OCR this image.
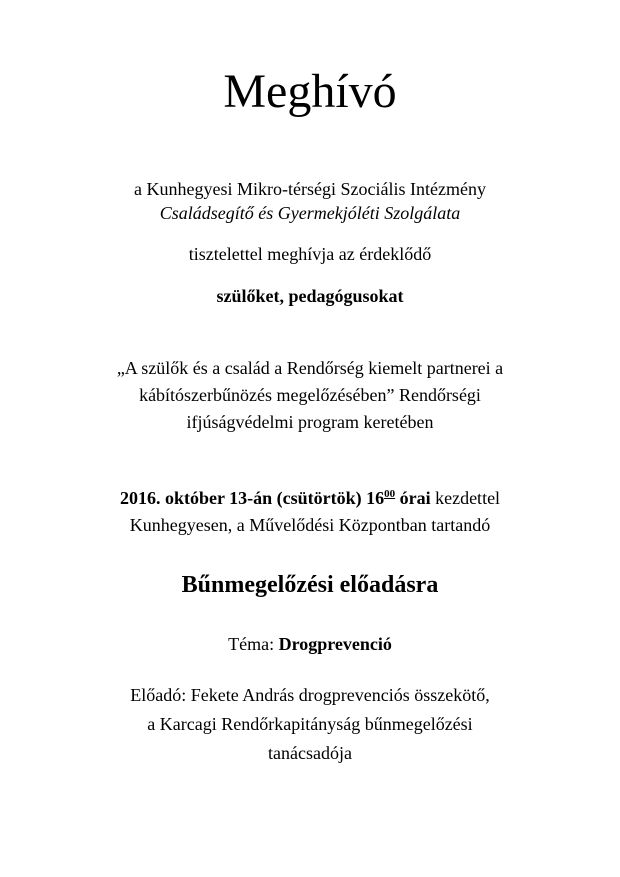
Meghívó
a Kunhegyesi Mikro-térségi Szociális Intézmény
Családsegítő és Gyermekjóléti Szolgálata
tisztelettel meghívja az érdeklődő
szülőket, pedagógusokat
„A szülők és a család a Rendőrség kiemelt partnerei a
kábítószerbűnözés megelőzésében” Rendőrségi
ifjúságvédelmi program keretében
2016. október 13-án (csütörtök) $16^{00}$ órai kezdettel
Kunhegyesen, a Művelődési Központban tartandó
Bűnmegelőzési előadásra
Téma: Drogprevenció
Előadó: Fekete András drogprevenciós összekötő,
a Karcagi Rendőrkapitányság bűnmegelőzési
tanácsadója
